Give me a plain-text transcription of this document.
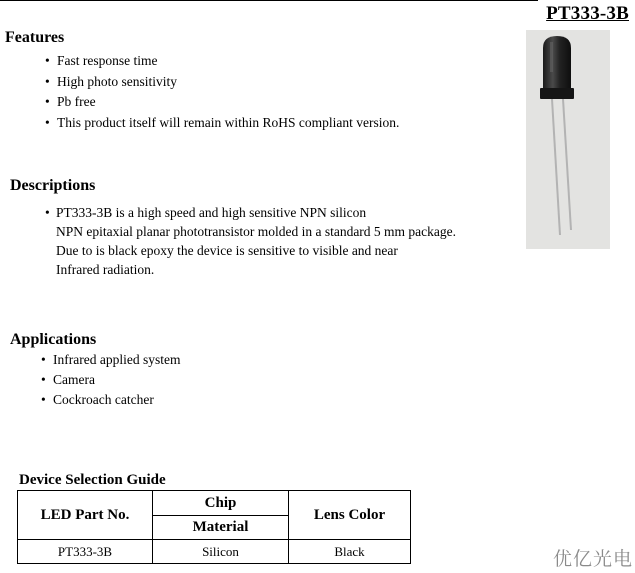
PT333-3B
Features
• Fast response time
• High photo sensitivity
• Pb free
• This product itself will remain within RoHS compliant version.
Descriptions
• PT333-3B is a high speed and high sensitive NPN silicon
NPN epitaxial planar phototransistor molded in a standard 5 mm package.
Due to is black epoxy the device is sensitive to visible and near
Infrared radiation.
Applications
• Infrared applied system
• Camera
• Cockroach catcher
Device Selection Guide
LED Part No.	Chip	Lens Color
	Material	
PT333-3B	Silicon	Black	优亿光电
